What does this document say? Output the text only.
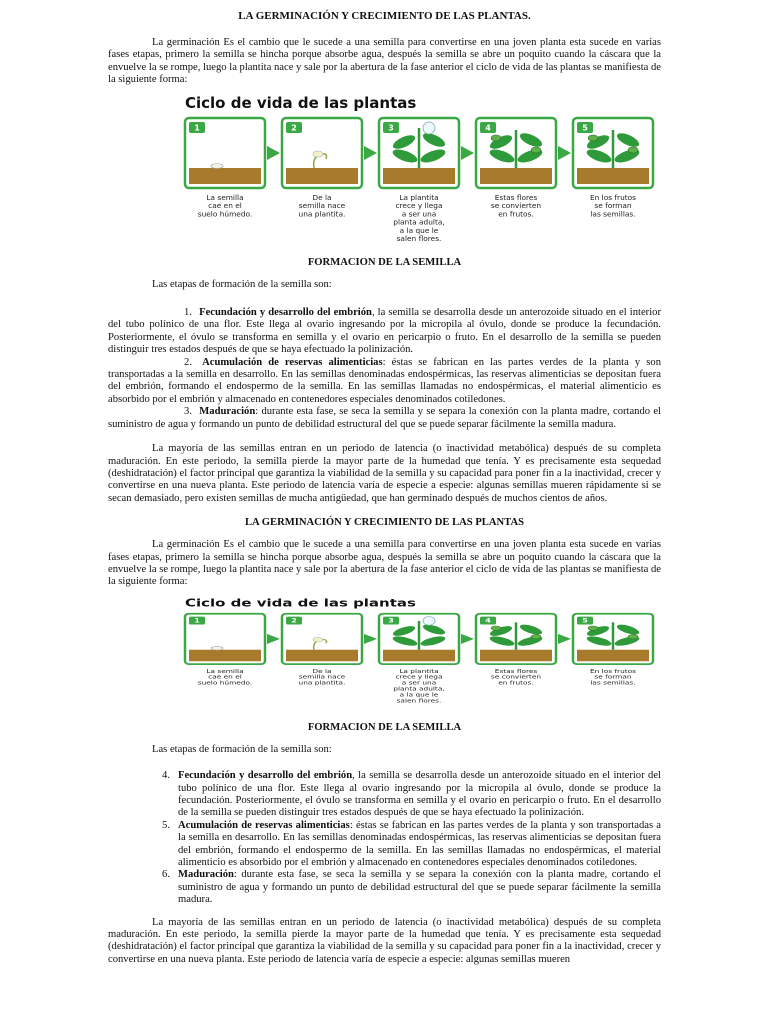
LA GERMINACIÓN Y CRECIMIENTO DE LAS PLANTAS.

La germinación Es el cambio que le sucede a una semilla para convertirse en una joven planta esta sucede en varias fases etapas, primero la semilla se hincha porque absorbe agua, después la semilla se abre un poquito cuando la cáscara que la envuelve la se rompe, luego la plantita nace y sale por la abertura de la fase anterior el ciclo de vida de las plantas se manifiesta de la siguiente forma:

Ciclo de vida de las plantas
1
La semilla cae en el suelo húmedo.
2
De la semilla nace una plantita.
3
La plantita crece y llega a ser una planta adulta, a la que le salen flores.
4
Estas flores se convierten en frutos.
5
En los frutos se forman las semillas.
FORMACION DE LA SEMILLA

Las etapas de formación de la semilla son:

1. Fecundación y desarrollo del embrión, la semilla se desarrolla desde un anterozoide situado en el interior del tubo polínico de una flor. Este llega al ovario ingresando por la micropila al óvulo, donde se produce la fecundación. Posteriormente, el óvulo se transforma en semilla y el ovario en pericarpio o fruto. En el desarrollo de la semilla se pueden distinguir tres estados después de que se haya efectuado la polinización.

2. Acumulación de reservas alimenticias: éstas se fabrican en las partes verdes de la planta y son transportadas a la semilla en desarrollo. En las semillas denominadas endospérmicas, las reservas alimenticias se depositan fuera del embrión, formando el endospermo de la semilla. En las semillas llamadas no endospérmicas, el material alimenticio es absorbido por el embrión y almacenado en contenedores especiales denominados cotiledones.

3. Maduración: durante esta fase, se seca la semilla y se separa la conexión con la planta madre, cortando el suministro de agua y formando un punto de debilidad estructural del que se puede separar fácilmente la semilla madura.

La mayoría de las semillas entran en un periodo de latencia (o inactividad metabólica) después de su completa maduración. En este periodo, la semilla pierde la mayor parte de la humedad que tenía. Y es precisamente esta sequedad (deshidratación) el factor principal que garantiza la viabilidad de la semilla y su capacidad para poner fin a la inactividad, crecer y convertirse en una nueva planta. Este periodo de latencia varía de especie a especie: algunas semillas mueren rápidamente si se secan demasiado, pero existen semillas de mucha antigüedad, que han germinado después de muchos cientos de años.

LA GERMINACIÓN Y CRECIMIENTO DE LAS PLANTAS

La germinación Es el cambio que le sucede a una semilla para convertirse en una joven planta esta sucede en varias fases etapas, primero la semilla se hincha porque absorbe agua, después la semilla se abre un poquito cuando la cáscara que la envuelve la se rompe, luego la plantita nace y sale por la abertura de la fase anterior el ciclo de vida de las plantas se manifiesta de la siguiente forma:

Ciclo de vida de las plantas
1
La semilla cae en el suelo húmedo.
2
De la semilla nace una plantita.
3
La plantita crece y llega a ser una planta adulta, a la que le salen flores.
4
Estas flores se convierten en frutos.
5
En los frutos se forman las semillas.
FORMACION DE LA SEMILLA

Las etapas de formación de la semilla son:

4. Fecundación y desarrollo del embrión, la semilla se desarrolla desde un anterozoide situado en el interior del tubo polínico de una flor. Este llega al ovario ingresando por la micropila al óvulo, donde se produce la fecundación. Posteriormente, el óvulo se transforma en semilla y el ovario en pericarpio o fruto. En el desarrollo de la semilla se pueden distinguir tres estados después de que se haya efectuado la polinización.
5. Acumulación de reservas alimenticias: éstas se fabrican en las partes verdes de la planta y son transportadas a la semilla en desarrollo. En las semillas denominadas endospérmicas, las reservas alimenticias se depositan fuera del embrión, formando el endospermo de la semilla. En las semillas llamadas no endospérmicas, el material alimenticio es absorbido por el embrión y almacenado en contenedores especiales denominados cotiledones.
6. Maduración: durante esta fase, se seca la semilla y se separa la conexión con la planta madre, cortando el suministro de agua y formando un punto de debilidad estructural del que se puede separar fácilmente la semilla madura.

La mayoría de las semillas entran en un periodo de latencia (o inactividad metabólica) después de su completa maduración. En este periodo, la semilla pierde la mayor parte de la humedad que tenía. Y es precisamente esta sequedad (deshidratación) el factor principal que garantiza la viabilidad de la semilla y su capacidad para poner fin a la inactividad, crecer y convertirse en una nueva planta. Este periodo de latencia varía de especie a especie: algunas semillas mueren
